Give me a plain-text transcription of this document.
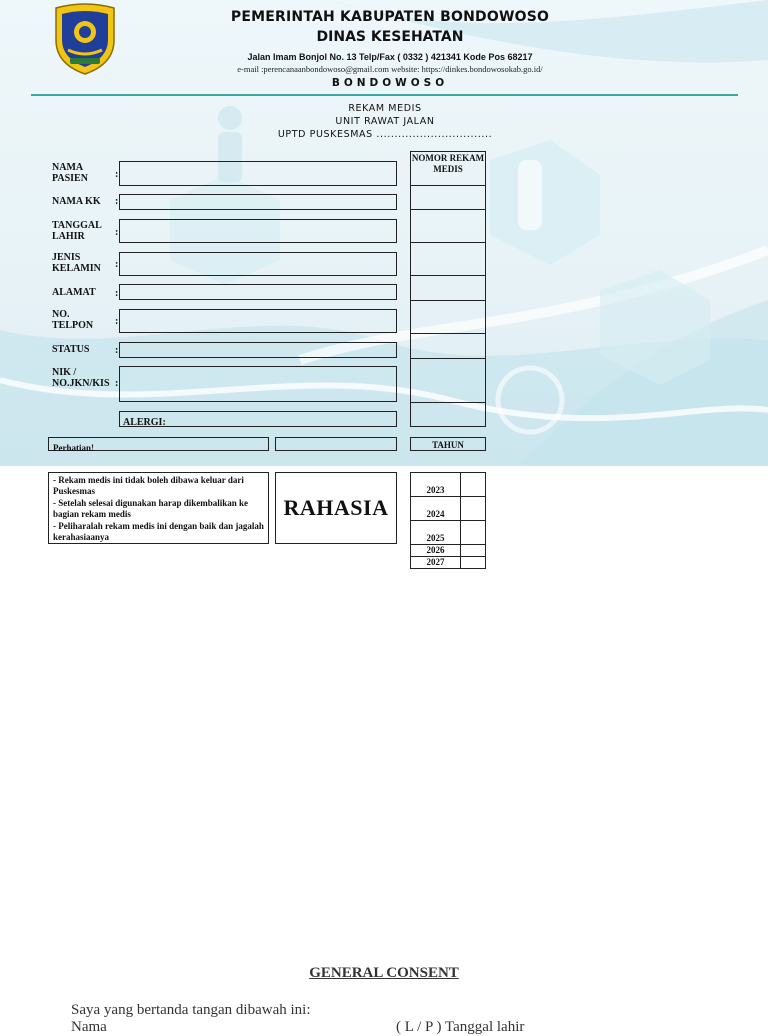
PEMERINTAH KABUPATEN BONDOWOSO
DINAS KESEHATAN
Jalan Imam Bonjol No. 13 Telp/Fax ( 0332 ) 421341 Kode Pos 68217
e-mail :perencanaanbondowoso@gmail.com website: https://dinkes.bondowosokab.go.id/
BONDOWOSO
REKAM MEDIS
UNIT RAWAT JALAN
UPTD PUSKESMAS ................................
NAMA PASIEN	:
NAMA KK	:
TANGGAL LAHIR	:
JENIS KELAMIN	:
ALAMAT	:
NO. TELPON	:
STATUS	:
NIK / NO.JKN/KIS :
ALERGI:
NOMOR REKAM MEDIS
Perhatian!	TAHUN
- Rekam medis ini tidak boleh dibawa keluar dari Puskesmas
- Setelah selesai digunakan harap dikembalikan ke bagian rekam medis
- Peliharalah rekam medis ini dengan baik dan jagalah kerahasiaanya
RAHASIA
2023
2024
2025
2026
2027
GENERAL CONSENT
Saya yang bertanda tangan dibawah ini:
Nama	( L / P ) Tanggal lahir
